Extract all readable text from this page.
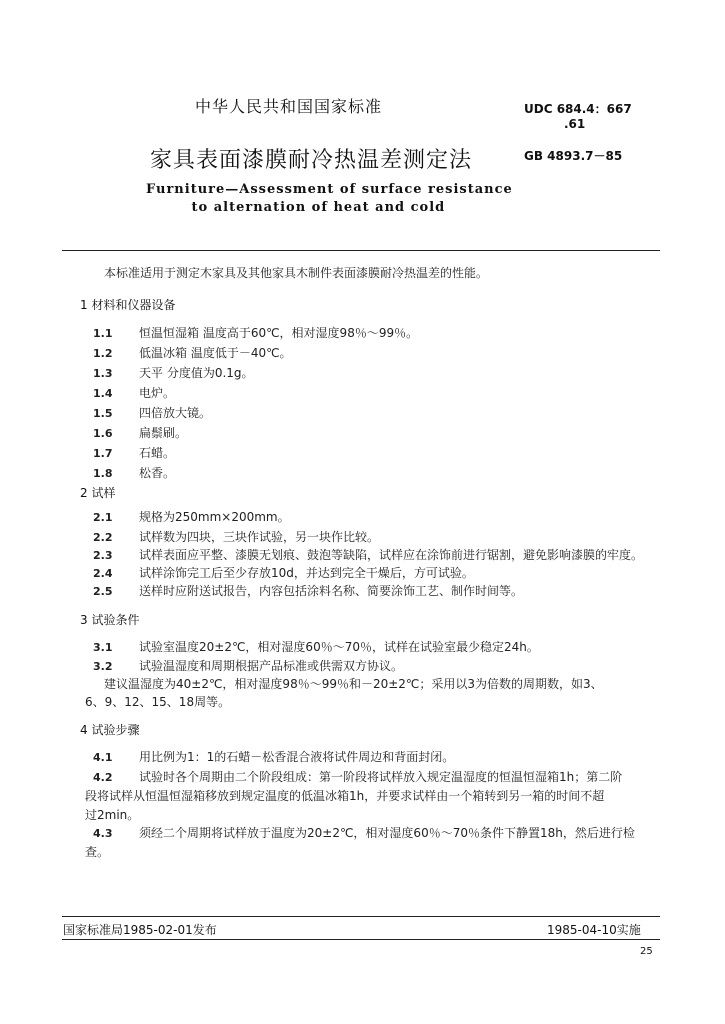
中华人民共和国国家标准	UDC 684.4：667
.61
家具表面漆膜耐冷热温差测定法	GB 4893.7－85
Furniture—Assessment of surface resistance
to alternation of heat and cold
本标准适用于测定木家具及其他家具木制件表面漆膜耐冷热温差的性能。
1 材料和仪器设备
1.1 恒温恒湿箱 温度高于60℃，相对湿度98％～99％。
1.2 低温冰箱 温度低于－40℃。
1.3 天平 分度值为0.1g。
1.4 电炉。
1.5 四倍放大镜。
1.6 扁鬃刷。
1.7 石蜡。
1.8 松香。
2 试样
2.1 规格为250mm×200mm。
2.2 试样数为四块，三块作试验，另一块作比较。
2.3 试样表面应平整、漆膜无划痕、鼓泡等缺陷，试样应在涂饰前进行锯割，避免影响漆膜的牢度。
2.4 试样涂饰完工后至少存放10d，并达到完全干燥后，方可试验。
2.5 送样时应附送试报告，内容包括涂料名称、简要涂饰工艺、制作时间等。
3 试验条件
3.1 试验室温度20±2℃，相对湿度60％～70％，试样在试验室最少稳定24h。
3.2 试验温湿度和周期根据产品标准或供需双方协议。
建议温湿度为40±2℃，相对湿度98％～99％和－20±2℃；采用以3为倍数的周期数，如3、
6、9、12、15、18周等。
4 试验步骤
4.1 用比例为1：1的石蜡－松香混合液将试件周边和背面封闭。
4.2 试验时各个周期由二个阶段组成：第一阶段将试样放入规定温湿度的恒温恒湿箱1h；第二阶
段将试样从恒温恒湿箱移放到规定温度的低温冰箱1h，并要求试样由一个箱转到另一箱的时间不超
过2min。
4.3 须经二个周期将试样放于温度为20±2℃，相对湿度60％～70％条件下静置18h，然后进行检
查。
国家标准局1985-02-01发布	1985-04-10实施
25
